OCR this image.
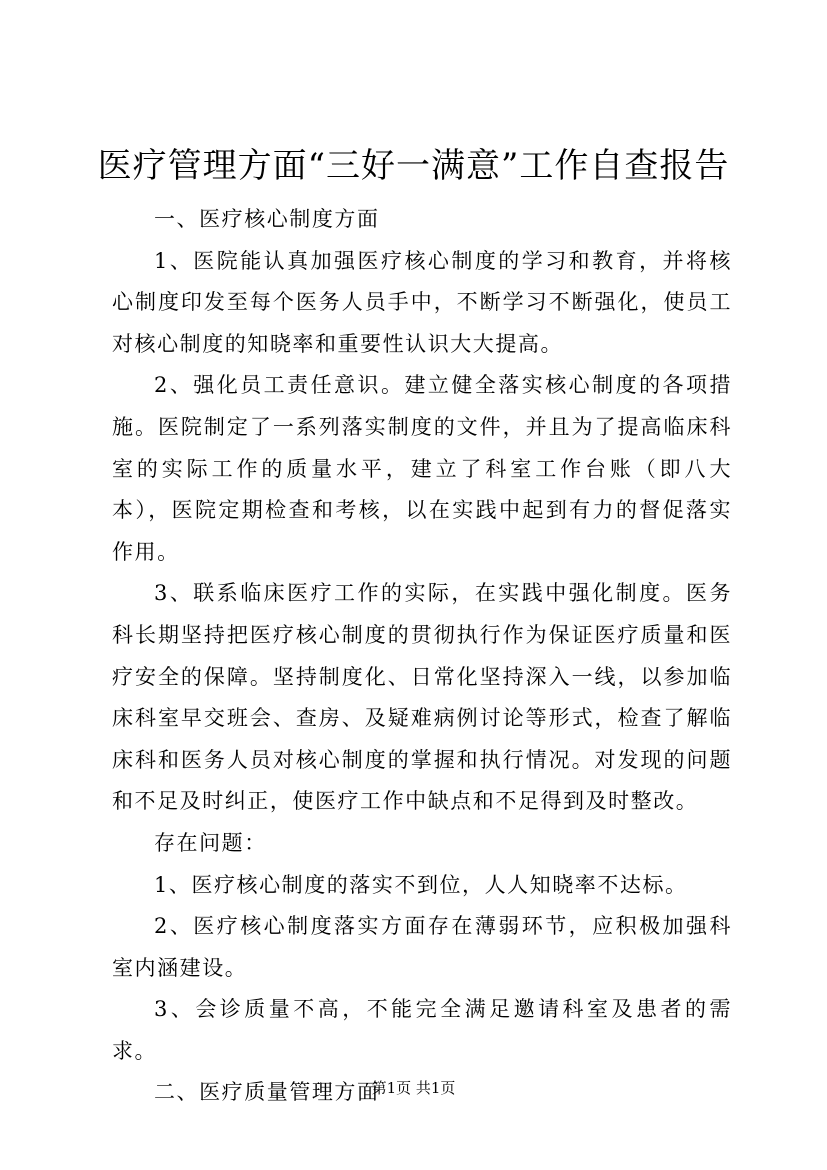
医疗管理方面“三好一满意”工作自查报告

一、医疗核心制度方面

1、医院能认真加强医疗核心制度的学习和教育，并将核心制度印发至每个医务人员手中，不断学习不断强化，使员工对核心制度的知晓率和重要性认识大大提高。

2、强化员工责任意识。建立健全落实核心制度的各项措施。医院制定了一系列落实制度的文件，并且为了提高临床科室的实际工作的质量水平，建立了科室工作台账（即八大本），医院定期检查和考核，以在实践中起到有力的督促落实作用。

3、联系临床医疗工作的实际，在实践中强化制度。医务科长期坚持把医疗核心制度的贯彻执行作为保证医疗质量和医疗安全的保障。坚持制度化、日常化坚持深入一线，以参加临床科室早交班会、查房、及疑难病例讨论等形式，检查了解临床科和医务人员对核心制度的掌握和执行情况。对发现的问题和不足及时纠正，使医疗工作中缺点和不足得到及时整改。

存在问题：

1、医疗核心制度的落实不到位，人人知晓率不达标。

2、医疗核心制度落实方面存在薄弱环节，应积极加强科室内涵建设。

3、会诊质量不高，不能完全满足邀请科室及患者的需求。

二、医疗质量管理方面

第1页 共1页
